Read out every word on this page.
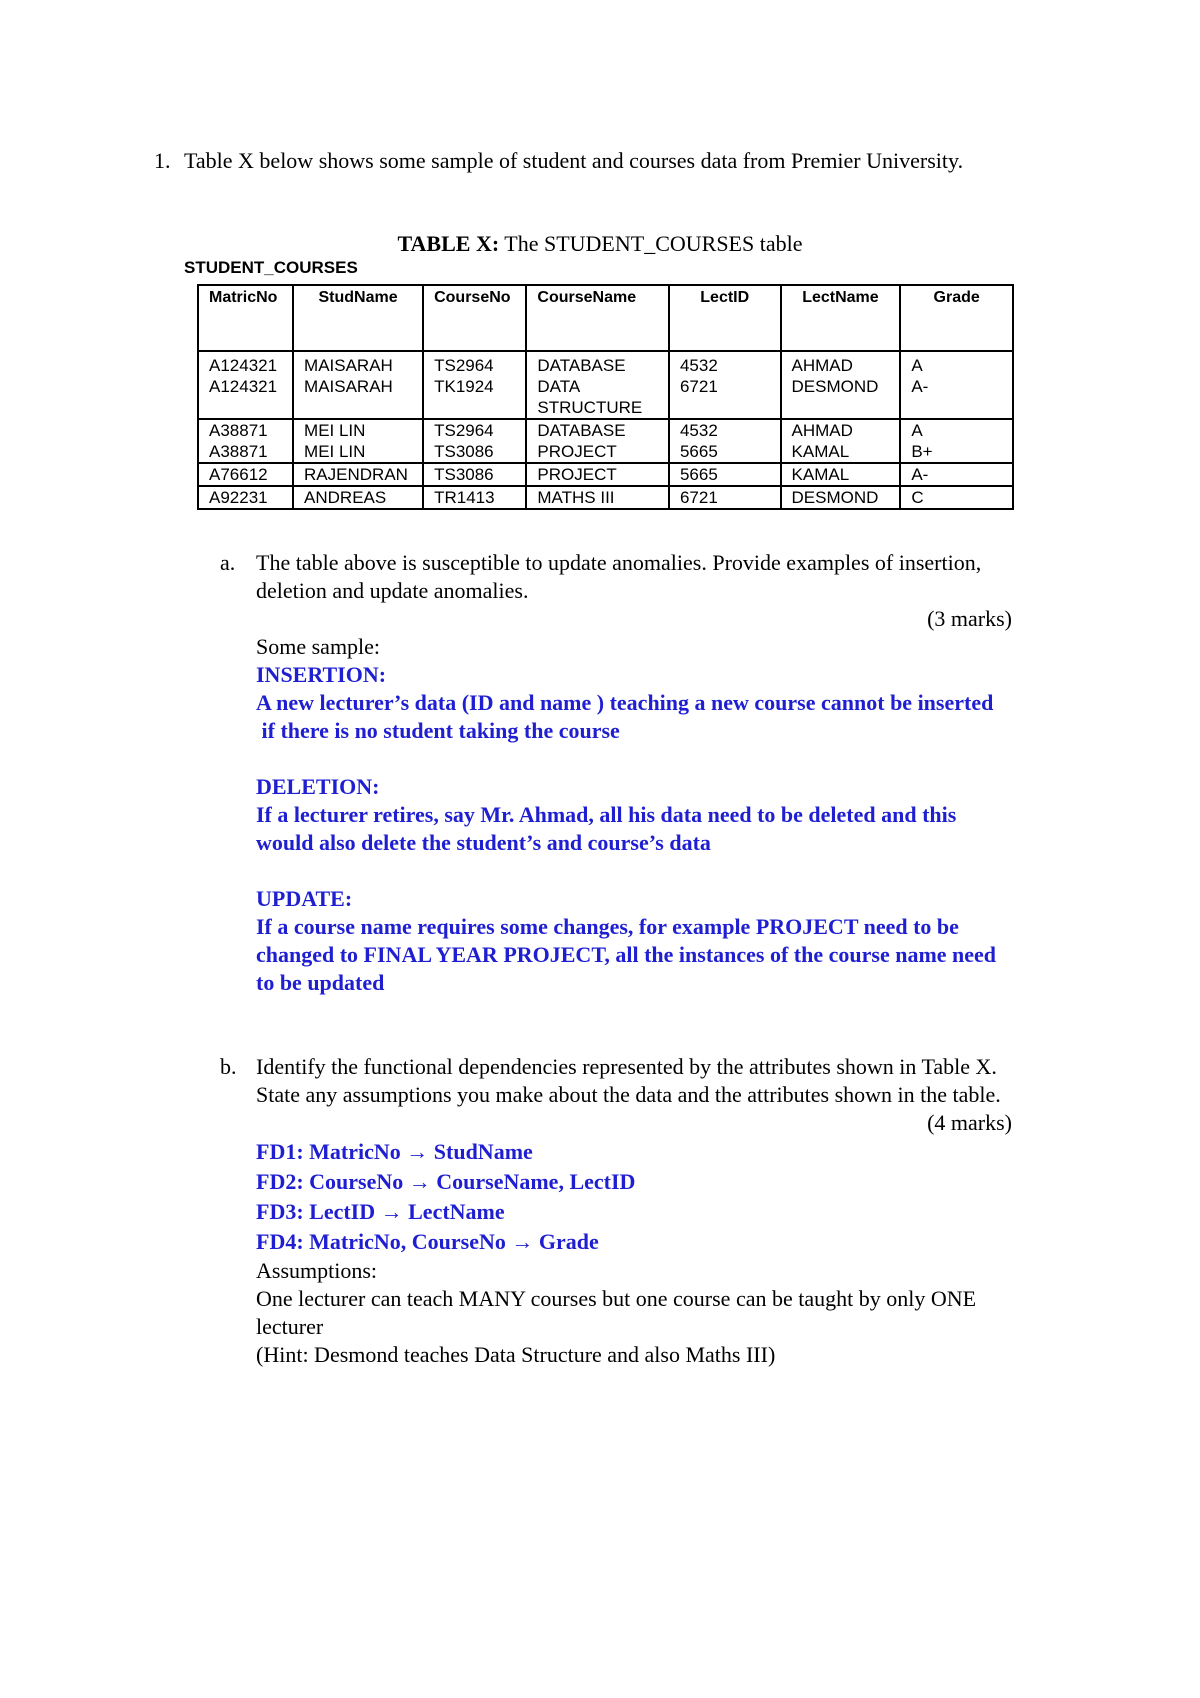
1. Table X below shows some sample of student and courses data from Premier University.
TABLE X: The STUDENT_COURSES table
STUDENT_COURSES
MatricNo	StudName	CourseNo	CourseName	LectID	LectName	Grade
A124321	MAISARAH	TS2964	DATABASE	4532	AHMAD	A
A124321	MAISARAH	TK1924	DATA STRUCTURE	6721	DESMOND	A-
A38871	MEI LIN	TS2964	DATABASE	4532	AHMAD	A
A38871	MEI LIN	TS3086	PROJECT	5665	KAMAL	B+
A76612	RAJENDRAN	TS3086	PROJECT	5665	KAMAL	A-
A92231	ANDREAS	TR1413	MATHS III	6721	DESMOND	C
a. The table above is susceptible to update anomalies. Provide examples of insertion, deletion and update anomalies.
(3 marks)
Some sample:
INSERTION:
A new lecturer’s data (ID and name ) teaching a new course cannot be inserted
if there is no student taking the course
DELETION:
If a lecturer retires, say Mr. Ahmad, all his data need to be deleted and this would also delete the student’s and course’s data
UPDATE:
If a course name requires some changes, for example PROJECT need to be changed to FINAL YEAR PROJECT, all the instances of the course name need to be updated
b. Identify the functional dependencies represented by the attributes shown in Table X. State any assumptions you make about the data and the attributes shown in the table.
(4 marks)
FD1: MatricNo → StudName
FD2: CourseNo → CourseName, LectID
FD3: LectID → LectName
FD4: MatricNo, CourseNo → Grade
Assumptions:
One lecturer can teach MANY courses but one course can be taught by only ONE lecturer
(Hint: Desmond teaches Data Structure and also Maths III)
